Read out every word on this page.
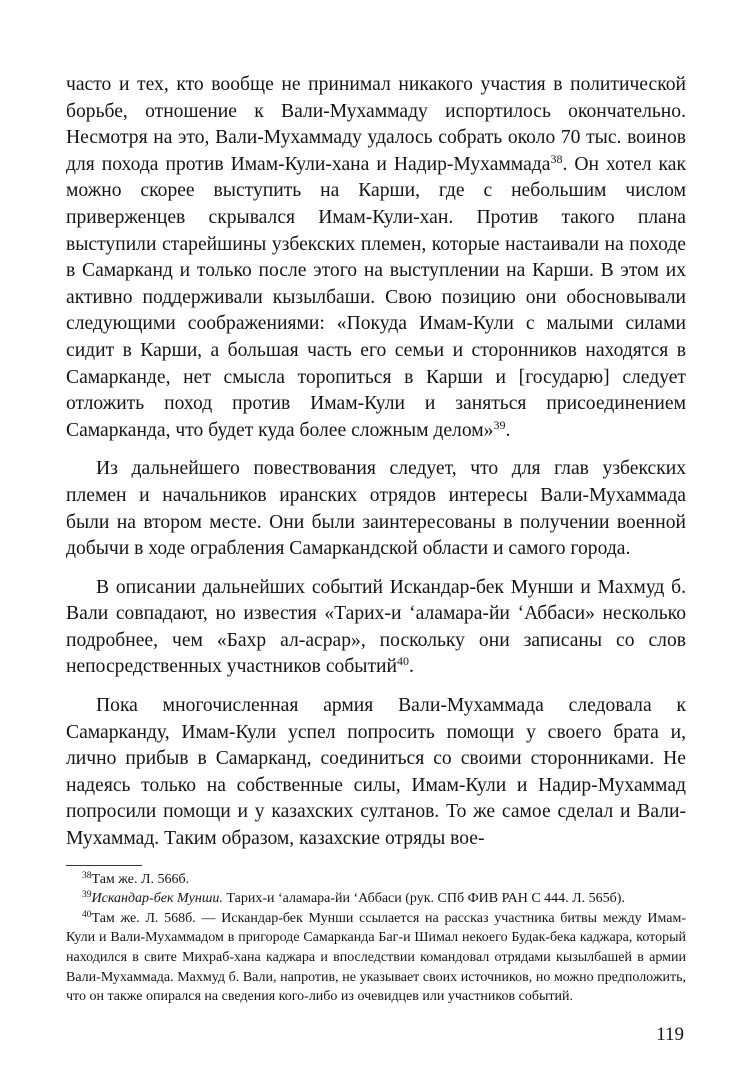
часто и тех, кто вообще не принимал никакого участия в политической борьбе, отношение к Вали-Мухаммаду испортилось окончательно. Несмотря на это, Вали-Мухаммаду удалось собрать около 70 тыс. воинов для похода против Имам-Кули-хана и Надир-Мухаммада$^{38}$. Он хотел как можно скорее выступить на Карши, где с небольшим числом приверженцев скрывался Имам-Кули-хан. Против такого плана выступили старейшины узбекских племен, которые настаивали на походе в Самарканд и только после этого на выступлении на Карши. В этом их активно поддерживали кызылбаши. Свою позицию они обосновывали следующими соображениями: «Покуда Имам-Кули с малыми силами сидит в Карши, а большая часть его семьи и сторонников находятся в Самарканде, нет смысла торопиться в Карши и [государю] следует отложить поход против Имам-Кули и заняться присоединением Самарканда, что будет куда более сложным делом»$^{39}$.

Из дальнейшего повествования следует, что для глав узбекских племен и начальников иранских отрядов интересы Вали-Мухаммада были на втором месте. Они были заинтересованы в получении военной добычи в ходе ограбления Самаркандской области и самого города.

В описании дальнейших событий Искандар-бек Мунши и Махмуд б. Вали совпадают, но известия «Тарих-и ‘аламара-йи ‘Аббаси» несколько подробнее, чем «Бахр ал-асрар», поскольку они записаны со слов непосредственных участников событий$^{40}$.

Пока многочисленная армия Вали-Мухаммада следовала к Самарканду, Имам-Кули успел попросить помощи у своего брата и, лично прибыв в Самарканд, соединиться со своими сторонниками. Не надеясь только на собственные силы, Имам-Кули и Надир-Мухаммад попросили помощи и у казахских султанов. То же самое сделал и Вали-Мухаммад. Таким образом, казахские отряды вое-

$^{38}$Там же. Л. 566б.

$^{39}$Искандар-бек Мунши. Тарих-и ‘аламара-йи ‘Аббаси (рук. СПб ФИВ РАН С 444. Л. 565б).

$^{40}$Там же. Л. 568б. — Искандар-бек Мунши ссылается на рассказ участника битвы между Имам-Кули и Вали-Мухаммадом в пригороде Самарканда Баг-и Шимал некоего Будак-бека каджара, который находился в свите Михраб-хана каджара и впоследствии командовал отрядами кызылбашей в армии Вали-Мухаммада. Махмуд б. Вали, напротив, не указывает своих источников, но можно предположить, что он также опирался на сведения кого-либо из очевидцев или участников событий.

119
